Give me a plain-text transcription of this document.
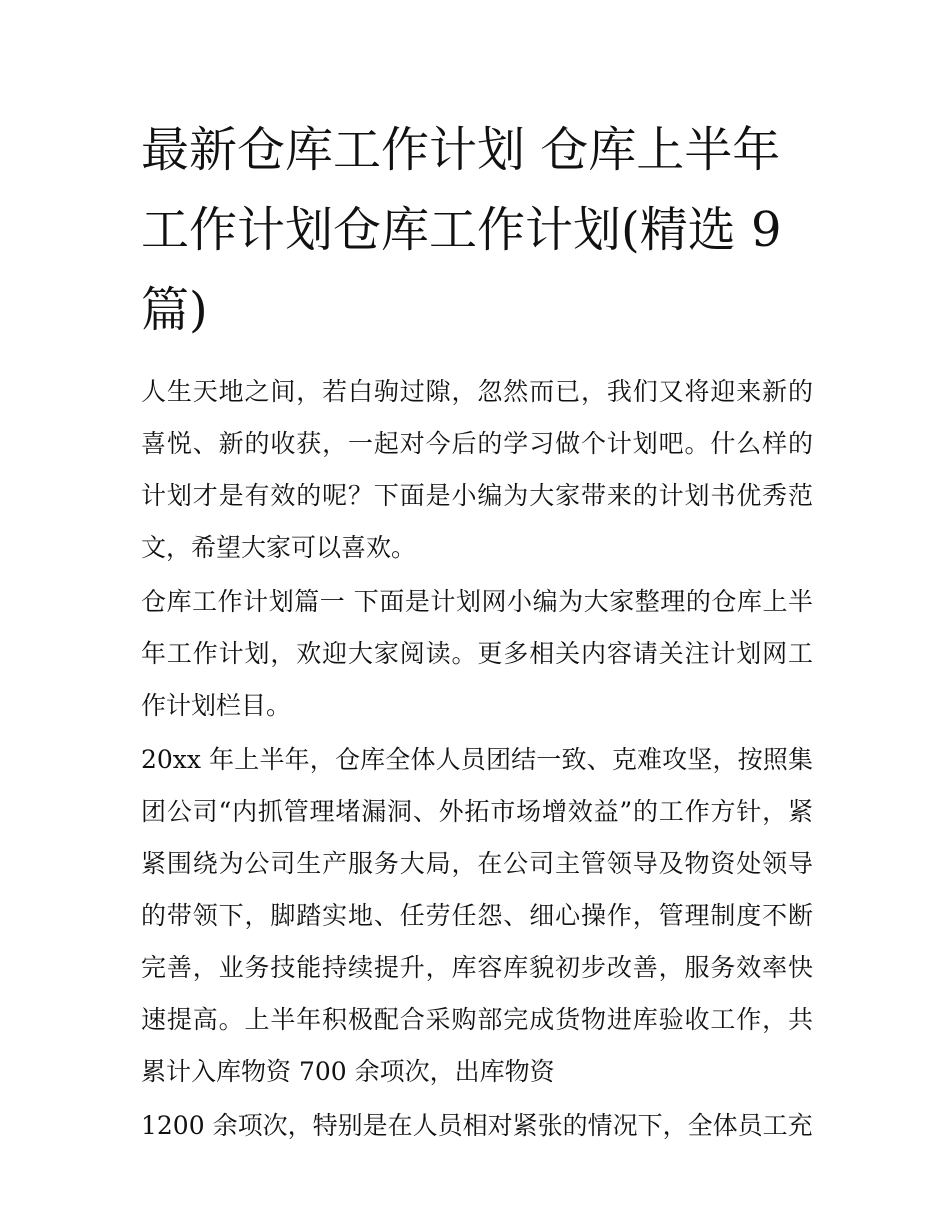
最新仓库工作计划 仓库上半年工作计划仓库工作计划(精选 9 篇)

人生天地之间，若白驹过隙，忽然而已，我们又将迎来新的喜悦、新的收获，一起对今后的学习做个计划吧。什么样的计划才是有效的呢？下面是小编为大家带来的计划书优秀范文，希望大家可以喜欢。

仓库工作计划篇一 下面是计划网小编为大家整理的仓库上半年工作计划，欢迎大家阅读。更多相关内容请关注计划网工作计划栏目。

20xx 年上半年，仓库全体人员团结一致、克难攻坚，按照集团公司“内抓管理堵漏洞、外拓市场增效益”的工作方针，紧紧围绕为公司生产服务大局，在公司主管领导及物资处领导的带领下，脚踏实地、任劳任怨、细心操作，管理制度不断完善，业务技能持续提升，库容库貌初步改善，服务效率快速提高。上半年积极配合采购部完成货物进库验收工作，共累计入库物资 700 余项次，出库物资

1200 余项次，特别是在人员相对紧张的情况下，全体员工充
